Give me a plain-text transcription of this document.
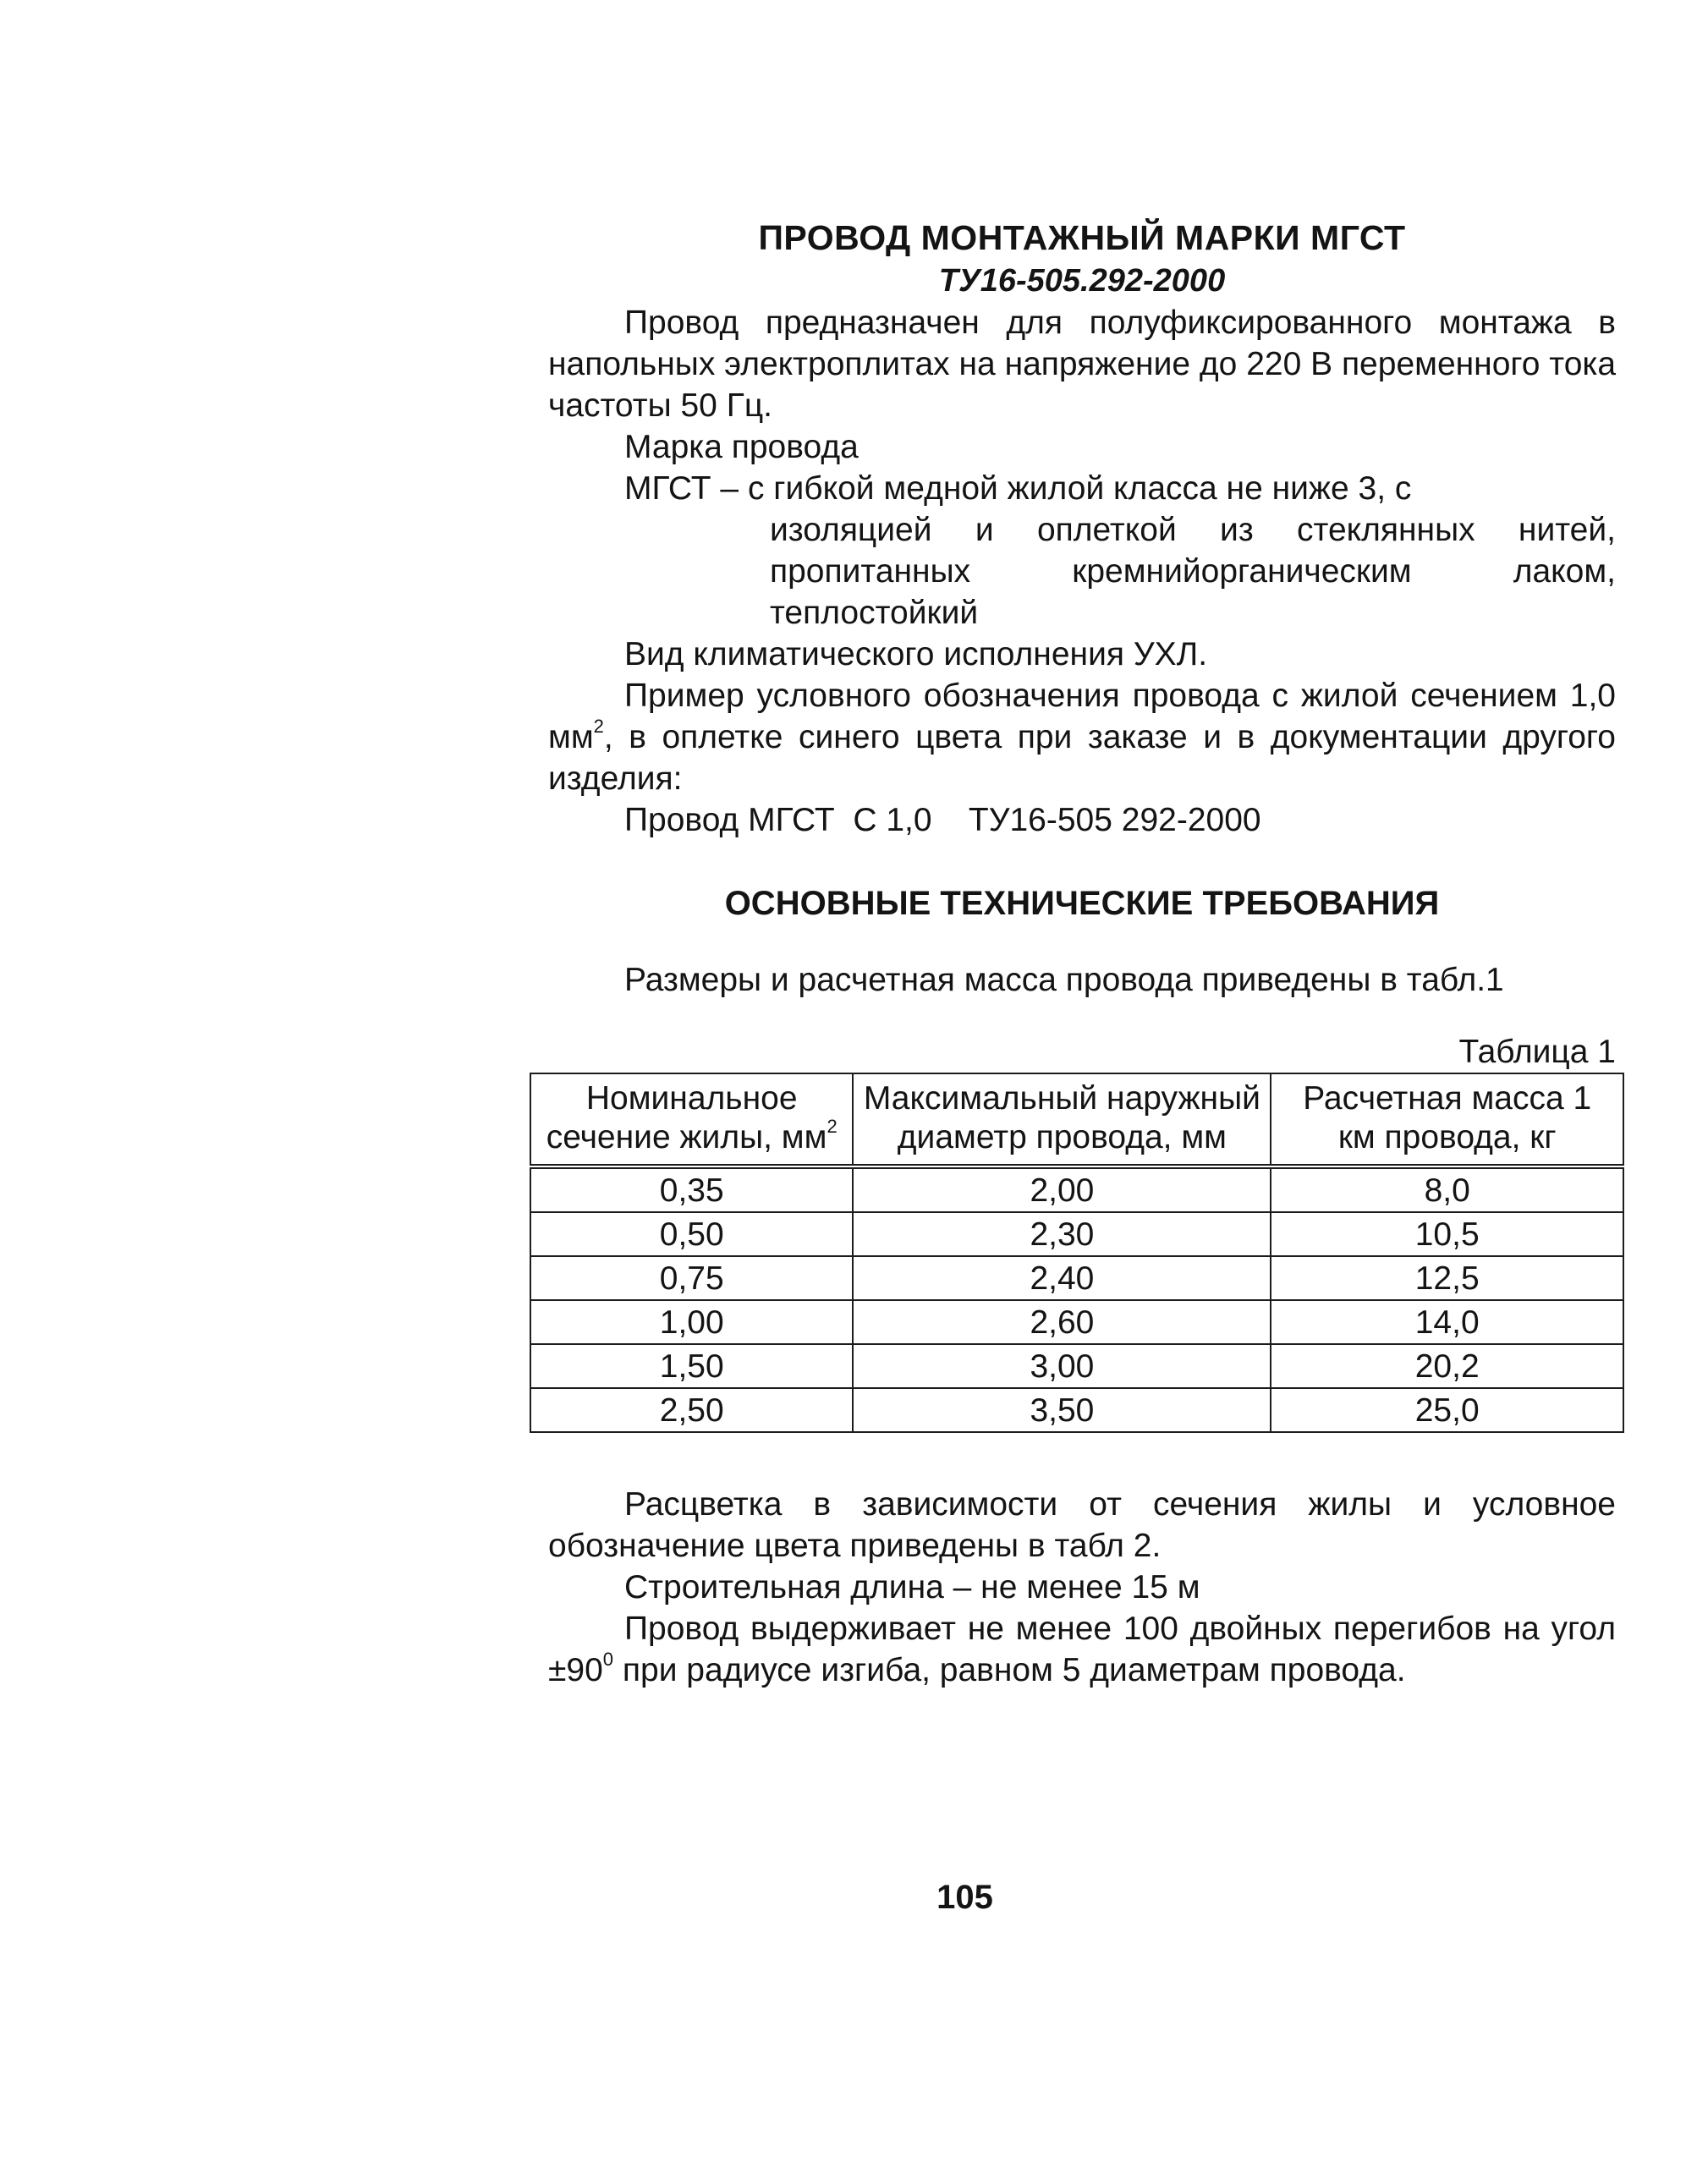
ПРОВОД МОНТАЖНЫЙ МАРКИ МГСТ
ТУ16-505.292-2000

Провод предназначен для полуфиксированного монтажа в напольных электроплитах на напряжение до 220 В переменного тока частоты 50 Гц.

Марка провода

МГСТ – с гибкой медной жилой класса не ниже 3, с

изоляцией и оплеткой из стеклянных нитей, пропитанных кремнийорганическим лаком, теплостойкий

Вид климатического исполнения УХЛ.

Пример условного обозначения провода с жилой сечением 1,0 $мм^2$, в оплетке синего цвета при заказе и в документации другого изделия:

Провод МГСТ  С 1,0    ТУ16-505 292-2000

ОСНОВНЫЕ ТЕХНИЧЕСКИЕ ТРЕБОВАНИЯ

Размеры и расчетная масса провода приведены в табл.1

Таблица 1

Номинальное сечение жилы, $мм^2$	Максимальный наружный диаметр провода, мм	Расчетная масса 1 км провода, кг
0,35	2,00	8,0
0,50	2,30	10,5
0,75	2,40	12,5
1,00	2,60	14,0
1,50	3,00	20,2
2,50	3,50	25,0

Расцветка в зависимости от сечения жилы и условное обозначение цвета приведены в табл 2.

Строительная длина – не менее 15 м

Провод выдерживает не менее 100 двойных перегибов на угол $\pm 90^0$ при радиусе изгиба, равном 5 диаметрам провода.

105
